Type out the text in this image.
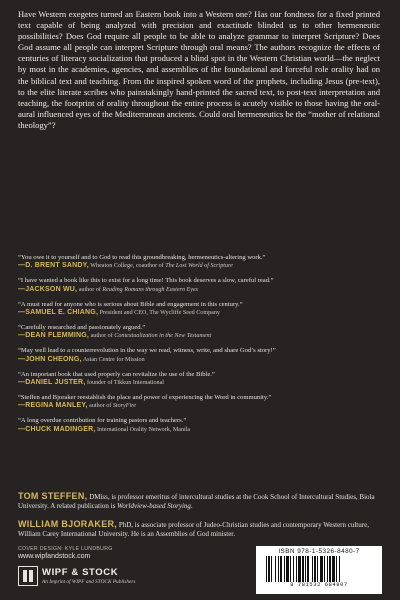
Have Western exegetes turned an Eastern book into a Western one? Has our fondness for a fixed printed text capable of being analyzed with precision and exactitude blinded us to other hermeneutic possibilities? Does God require all people to be able to analyze grammar to interpret Scripture? Does God assume all people can interpret Scripture through oral means? The authors recognize the effects of centuries of literacy socialization that produced a blind spot in the Western Christian world—the neglect by most in the academies, agencies, and assemblies of the foundational and forceful role orality had on the biblical text and teaching. From the inspired spoken word of the prophets, including Jesus (pre-text), to the elite literate scribes who painstakingly hand-printed the sacred text, to post-text interpretation and teaching, the footprint of orality throughout the entire process is acutely visible to those having the oral-aural influenced eyes of the Mediterranean ancients. Could oral hermeneutics be the “mother of relational theology”?

“You owe it to yourself and to God to read this groundbreaking, hermeneutics-altering work.”

—D. BRENT SANDY, Wheaton College, coauthor of The Lost World of Scripture

“I have wanted a book like this to exist for a long time! This book deserves a slow, careful read.”

—JACKSON WU, author of Reading Romans through Eastern Eyes

“A must read for anyone who is serious about Bible and engagement in this century.”

—SAMUEL E. CHIANG, President and CEO, The Wycliffe Seed Company

“Carefully researched and passionately argued.”

—DEAN FLEMMING, author of Contextualization in the New Testament

“May well lead to a counterrevolution in the way we read, witness, write, and share God’s story!”

—JOHN CHEONG, Asian Centre for Mission

“An important book that used properly can revitalize the use of the Bible.”

—DANIEL JUSTER, founder of Tikkun International

“Steffen and Bjoraker reestablish the place and power of experiencing the Word in community.”

—REGINA MANLEY, author of StoryFire

“A long overdue contribution for training pastors and teachers.”

—CHUCK MADINGER, International Orality Network, Manila

TOM STEFFEN, DMiss, is professor emeritus of intercultural studies at the Cook School of Intercultural Studies, Biola University. A related publication is Worldview-based Storying.

WILLIAM BJORAKER, PhD, is associate professor of Judeo-Christian studies and contemporary Western culture, William Carey International University. He is an Assemblies of God minister.

COVER DESIGN: KYLE LUNDBURG
www.wipfandstock.com
WIPF & STOCK
An Imprint of WIPF and STOCK Publishers
ISBN 978-1-5326-8480-7
9 781532 684807
